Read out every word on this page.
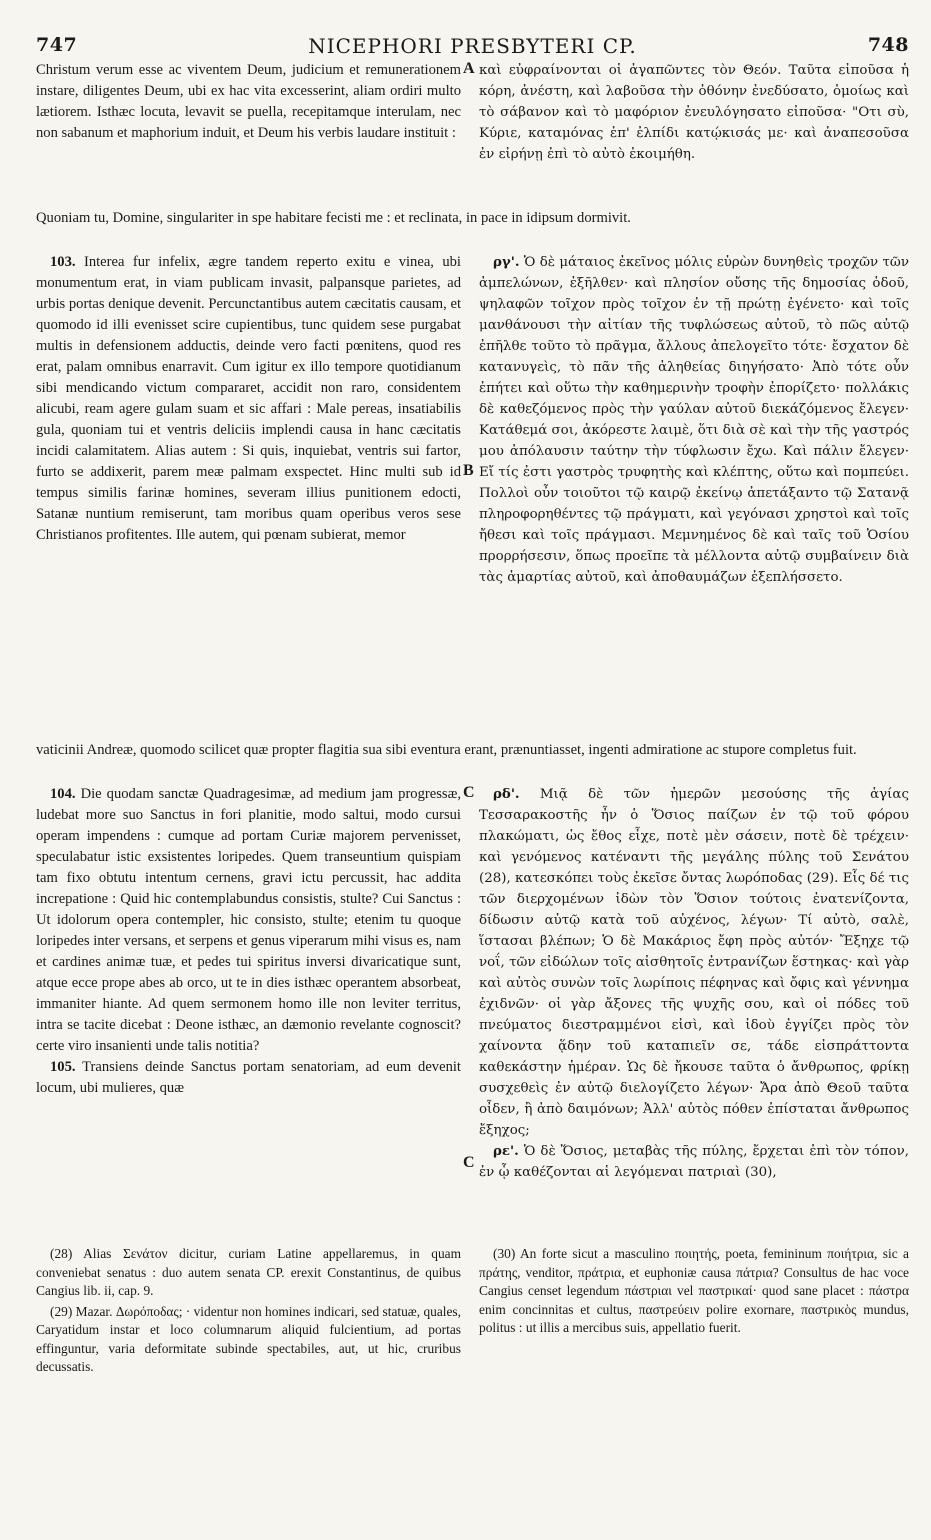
747	NICEPHORI PRESBYTERI CP.	748

Christum verum esse ac viventem Deum, judicium et remunerationem instare, diligentes Deum, ubi ex hac vita excesserint, aliam ordiri multo lætiorem. Isthæc locuta, levavit se puella, recepitamque interulam, nec non sabanum et maphorium induit, et Deum his verbis laudare instituit :

A καὶ εὐφραίνονται οἱ ἀγαπῶντες τὸν Θεόν. Ταῦτα εἰποῦσα ἡ κόρη, ἀνέστη, καὶ λαβοῦσα τὴν ὀθόνην ἐνεδύσατο, ὁμοίως καὶ τὸ σάβανον καὶ τὸ μαφόριον ἐνευλόγησατο εἰποῦσα· "Οτι σὺ, Κύριε, καταμόνας ἐπ' ἐλπίδι κατῴκισάς με· καὶ ἀναπεσοῦσα ἐν εἰρήνῃ ἐπὶ τὸ αὐτὸ ἐκοιμήθη.

Quoniam tu, Domine, singulariter in spe habitare fecisti me : et reclinata, in pace in idipsum dormivit.

103. Interea fur infelix, ægre tandem reperto exitu e vinea, ubi monumentum erat, in viam publicam invasit, palpansque parietes, ad urbis portas denique devenit. Percunctantibus autem cæcitatis causam, et quomodo id illi evenisset scire cupientibus, tunc quidem sese purgabat multis in defensionem adductis, deinde vero facti pœnitens, quod res erat, palam omnibus enarravit. Cum igitur ex illo tempore quotidianum sibi mendicando victum compararet, accidit non raro, considentem alicubi, ream agere gulam suam et sic affari : Male pereas, insatiabilis gula, quoniam tui et ventris deliciis implendi causa in hanc cæcitatis incidi calamitatem. Alias autem : Si quis, inquiebat, ventris sui fartor, furto se addixerit, parem meæ palmam exspectet. Hinc multi sub id tempus similis farinæ homines, severam illius punitionem edocti, Satanæ nuntium remiserunt, tam moribus quam operibus veros sese Christianos profitentes. Ille autem, qui pœnam subierat, memor

B

ργ'. Ὁ δὲ μάταιος ἐκεῖνος μόλις εὑρὼν δυνηθεὶς τροχῶν τῶν ἀμπελώνων, ἐξῆλθεν· καὶ πλησίον οὔσης τῆς δημοσίας ὁδοῦ, ψηλαφῶν τοῖχον πρὸς τοῖχον ἐν τῇ πρώτῃ ἐγένετο· καὶ τοῖς μανθάνουσι τὴν αἰτίαν τῆς τυφλώσεως αὐτοῦ, τὸ πῶς αὐτῷ ἐπῆλθε τοῦτο τὸ πρᾶγμα, ἄλλους ἀπελογεῖτο τότε· ἔσχατον δὲ κατανυγεὶς, τὸ πᾶν τῆς ἀληθείας διηγήσατο· Ἀπὸ τότε οὖν ἐπήτει καὶ οὕτω τὴν καθημερινὴν τροφὴν ἐπορίζετο· πολλάκις δὲ καθεζόμενος πρὸς τὴν γαύλαν αὐτοῦ διεκάζόμενος ἔλεγεν· Κατάθεμά σοι, ἀκόρεστε λαιμὲ, ὅτι διὰ σὲ καὶ τὴν τῆς γαστρός μου ἀπόλαυσιν ταύτην τὴν τύφλωσιν ἔχω. Καὶ πάλιν ἔλεγεν· Εἴ τίς ἐστι γαστρὸς τρυφητὴς καὶ κλέπτης, οὕτω καὶ πομπεύει. Πολλοὶ οὖν τοιοῦτοι τῷ καιρῷ ἐκείνῳ ἀπετάξαντο τῷ Σατανᾷ πληροφορηθέντες τῷ πράγματι, καὶ γεγόνασι χρηστοὶ καὶ τοῖς ἤθεσι καὶ τοῖς πράγμασι. Μεμνημένος δὲ καὶ ταῖς τοῦ Ὁσίου προρρήσεσιν, ὅπως προεῖπε τὰ μέλλοντα αὐτῷ συμβαίνειν διὰ τὰς ἁμαρτίας αὐτοῦ, καὶ ἀποθαυμάζων ἐξεπλήσσετο.

vaticinii Andreæ, quomodo scilicet quæ propter flagitia sua sibi eventura erant, prænuntiasset, ingenti admiratione ac stupore completus fuit.

104. Die quodam sanctæ Quadragesimæ, ad medium jam progressæ, ludebat more suo Sanctus in fori planitie, modo saltui, modo cursui operam impendens : cumque ad portam Curiæ majorem pervenisset, speculabatur istic exsistentes loripedes. Quem transeuntium quispiam tam fixo obtutu intentum cernens, gravi ictu percussit, hac addita increpatione : Quid hic contemplabundus consistis, stulte? Cui Sanctus : Ut idolorum opera contempler, hic consisto, stulte; etenim tu quoque loripedes inter versans, et serpens et genus viperarum mihi visus es, nam et cardines animæ tuæ, et pedes tui spiritus inversi divaricatique sunt, atque ecce prope abes ab orco, ut te in dies isthæc operantem absorbeat, immaniter hiante. Ad quem sermonem homo ille non leviter territus, intra se tacite dicebat : Deone isthæc, an dæmonio revelante cognoscit? certe viro insanienti unde talis notitia?

105. Transiens deinde Sanctus portam senatoriam, ad eum devenit locum, ubi mulieres, quæ

C
C

ρδ'. Μιᾷ δὲ τῶν ἡμερῶν μεσούσης τῆς ἁγίας Τεσσαρακοστῆς ἦν ὁ Ὅσιος παίζων ἐν τῷ τοῦ φόρου πλακώματι, ὡς ἔθος εἶχε, ποτὲ μὲν σάσειν, ποτὲ δὲ τρέχειν· καὶ γενόμενος κατέναντι τῆς μεγάλης πύλης τοῦ Σενάτου (28), κατεσκόπει τοὺς ἐκεῖσε ὄντας λωρόποδας (29). Εἷς δέ τις τῶν διερχομένων ἰδὼν τὸν Ὅσιον τούτοις ἐνατενίζοντα, δίδωσιν αὐτῷ κατὰ τοῦ αὐχένος, λέγων· Τί αὐτὸ, σαλὲ, ἵστασαι βλέπων; Ὁ δὲ Μακάριος ἔφη πρὸς αὐτόν· Ἔξηχε τῷ νοΐ, τῶν εἰδώλων τοῖς αἰσθητοῖς ἐντρανίζων ἕστηκας· καὶ γὰρ καὶ αὐτὸς συνὼν τοῖς λωρίποις πέφηνας καὶ ὄφις καὶ γέννημα ἐχιδνῶν· οἱ γὰρ ἄξονες τῆς ψυχῆς σου, καὶ οἱ πόδες τοῦ πνεύματος διεστραμμένοι εἰσὶ, καὶ ἰδοὺ ἐγγίζει πρὸς τὸν χαίνοντα ᾅδην τοῦ καταπιεῖν σε, τάδε εἰσπράττοντα καθεκάστην ἡμέραν. Ὡς δὲ ἤκουσε ταῦτα ὁ ἄνθρωπος, φρίκῃ συσχεθεὶς ἐν αὐτῷ διελογίζετο λέγων· Ἄρα ἀπὸ Θεοῦ ταῦτα οἶδεν, ἢ ἀπὸ δαιμόνων; Ἀλλ' αὐτὸς πόθεν ἐπίσταται ἄνθρωπος ἔξηχος;

ρε'. Ὁ δὲ Ὅσιος, μεταβὰς τῆς πύλης, ἔρχεται ἐπὶ τὸν τόπον, ἐν ᾧ καθέζονται αἱ λεγόμεναι πατριαὶ (30),

(28) Alias Σενάτον dicitur, curiam Latine appellaremus, in quam conveniebat senatus : duo autem senata CP. erexit Constantinus, de quibus Cangius lib. ii, cap. 9.

(29) Mazar. Δωρόποδας; · videntur non homines indicari, sed statuæ, quales, Caryatidum instar et loco columnarum aliquid fulcientium, ad portas effinguntur, varia deformitate subinde spectabiles, aut, ut hic, cruribus decussatis.

(30) An forte sicut a masculino ποιητής, poeta, femininum ποιήτρια, sic a πράτης, venditor, πράτρια, et euphoniæ causa πάτρια? Consultus de hac voce Cangius censet legendum πάστριαι vel παστρικαί· quod sane placet : πάστρα enim concinnitas et cultus, παστρεύειν polire exornare, παστρικὸς mundus, politus : ut illis a mercibus suis, appellatio fuerit.
